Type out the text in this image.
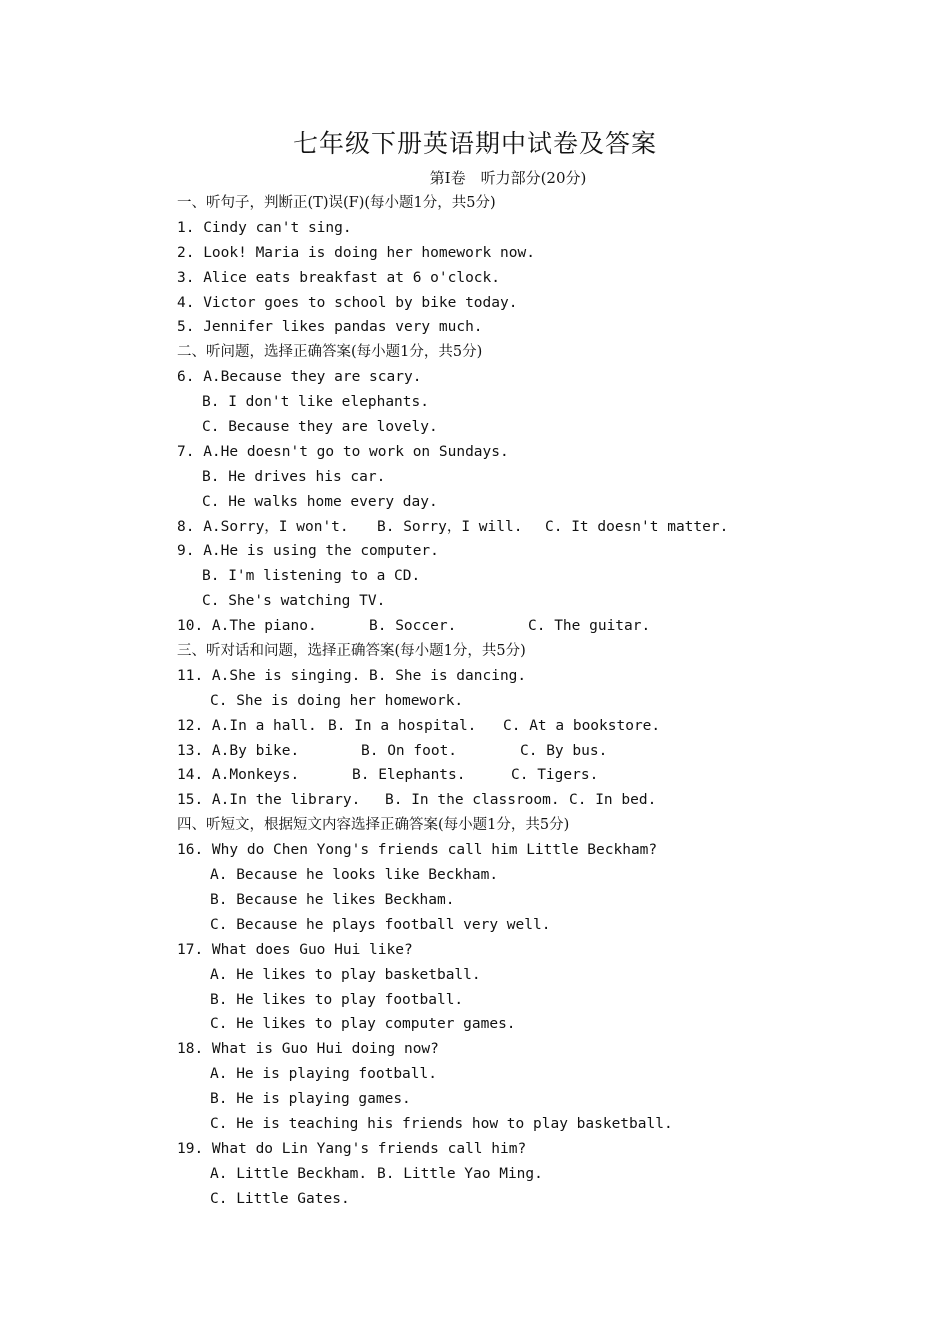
七年级下册英语期中试卷及答案
第Ⅰ卷　听力部分(20分)
一、听句子，判断正(T)误(F)(每小题1分，共5分)
1. Cindy can't sing.
2. Look! Maria is doing her homework now.
3. Alice eats breakfast at 6 o'clock.
4. Victor goes to school by bike today.
5. Jennifer likes pandas very much.
二、听问题，选择正确答案(每小题1分，共5分)
6. A.Because they are scary.
B. I don't like elephants.
C. Because they are lovely.
7. A.He doesn't go to work on Sundays.
B. He drives his car.
C. He walks home every day.
8. A.Sorry，I won't.	B. Sorry，I will.	C. It doesn't matter.
9. A.He is using the computer.
B. I'm listening to a CD.
C. She's watching TV.
10. A.The piano.	B. Soccer.	C. The guitar.
三、听对话和问题，选择正确答案(每小题1分，共5分)
11. A.She is singing. B. She is dancing.
C. She is doing her homework.
12. A.In a hall. B. In a hospital.	C. At a bookstore.
13. A.By bike.	B. On foot.	C. By bus.
14. A.Monkeys.	B. Elephants.	C. Tigers.
15. A.In the library.	B. In the classroom. C. In bed.
四、听短文，根据短文内容选择正确答案(每小题1分，共5分)
16. Why do Chen Yong's friends call him Little Beckham?
A. Because he looks like Beckham.
B. Because he likes Beckham.
C. Because he plays football very well.
17. What does Guo Hui like?
A. He likes to play basketball.
B. He likes to play football.
C. He likes to play computer games.
18. What is Guo Hui doing now?
A. He is playing football.
B. He is playing games.
C. He is teaching his friends how to play basketball.
19. What do Lin Yang's friends call him?
A. Little Beckham. B. Little Yao Ming.
C. Little Gates.
